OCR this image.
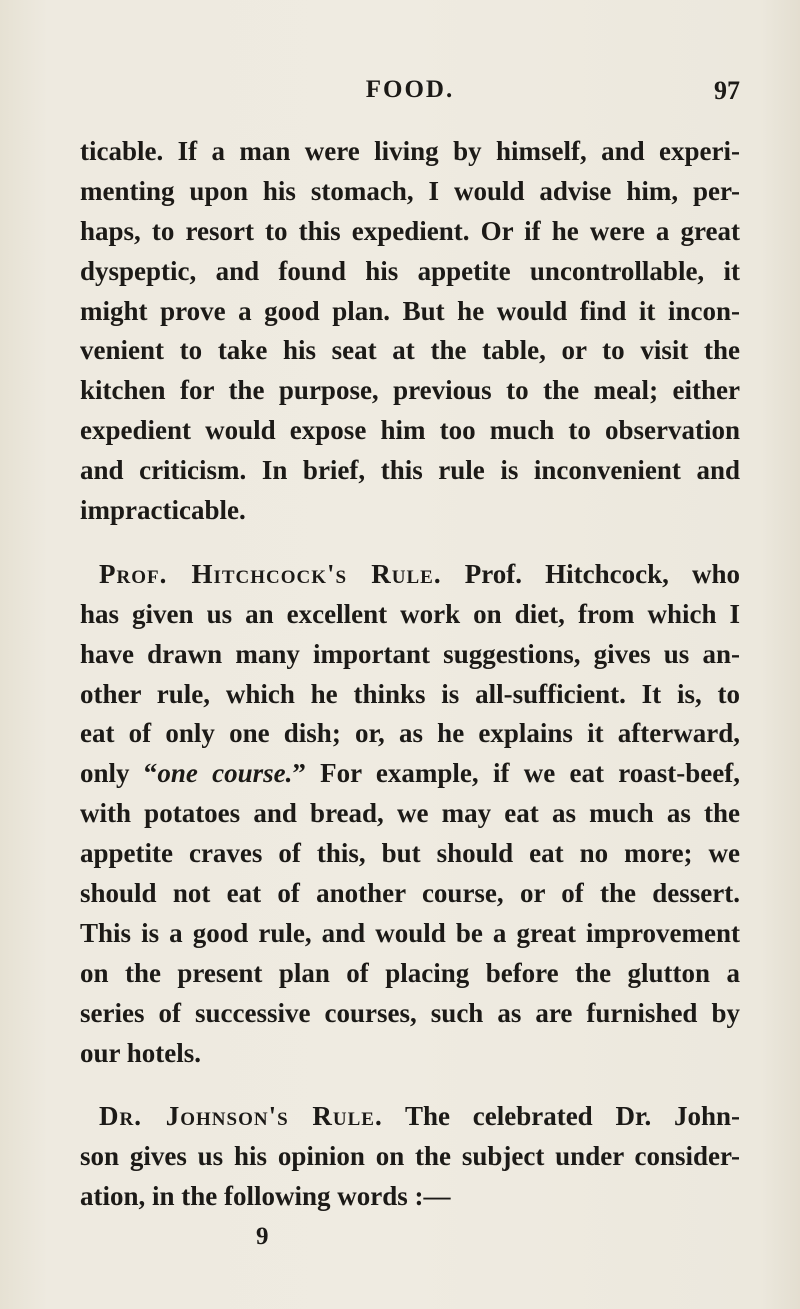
FOOD.	97
ticable. If a man were living by himself, and experi-
menting upon his stomach, I would advise him, per-
haps, to resort to this expedient. Or if he were a great
dyspeptic, and found his appetite uncontrollable, it
might prove a good plan. But he would find it incon-
venient to take his seat at the table, or to visit the
kitchen for the purpose, previous to the meal; either
expedient would expose him too much to observation
and criticism. In brief, this rule is inconvenient and
impracticable.
Prof. Hitchcock's Rule. Prof. Hitchcock, who
has given us an excellent work on diet, from which I
have drawn many important suggestions, gives us an-
other rule, which he thinks is all-sufficient. It is, to
eat of only one dish; or, as he explains it afterward,
only “one course.” For example, if we eat roast-beef,
with potatoes and bread, we may eat as much as the
appetite craves of this, but should eat no more; we
should not eat of another course, or of the dessert.
This is a good rule, and would be a great improvement
on the present plan of placing before the glutton a
series of successive courses, such as are furnished by
our hotels.
Dr. Johnson's Rule. The celebrated Dr. John-
son gives us his opinion on the subject under consider-
ation, in the following words :—
9
